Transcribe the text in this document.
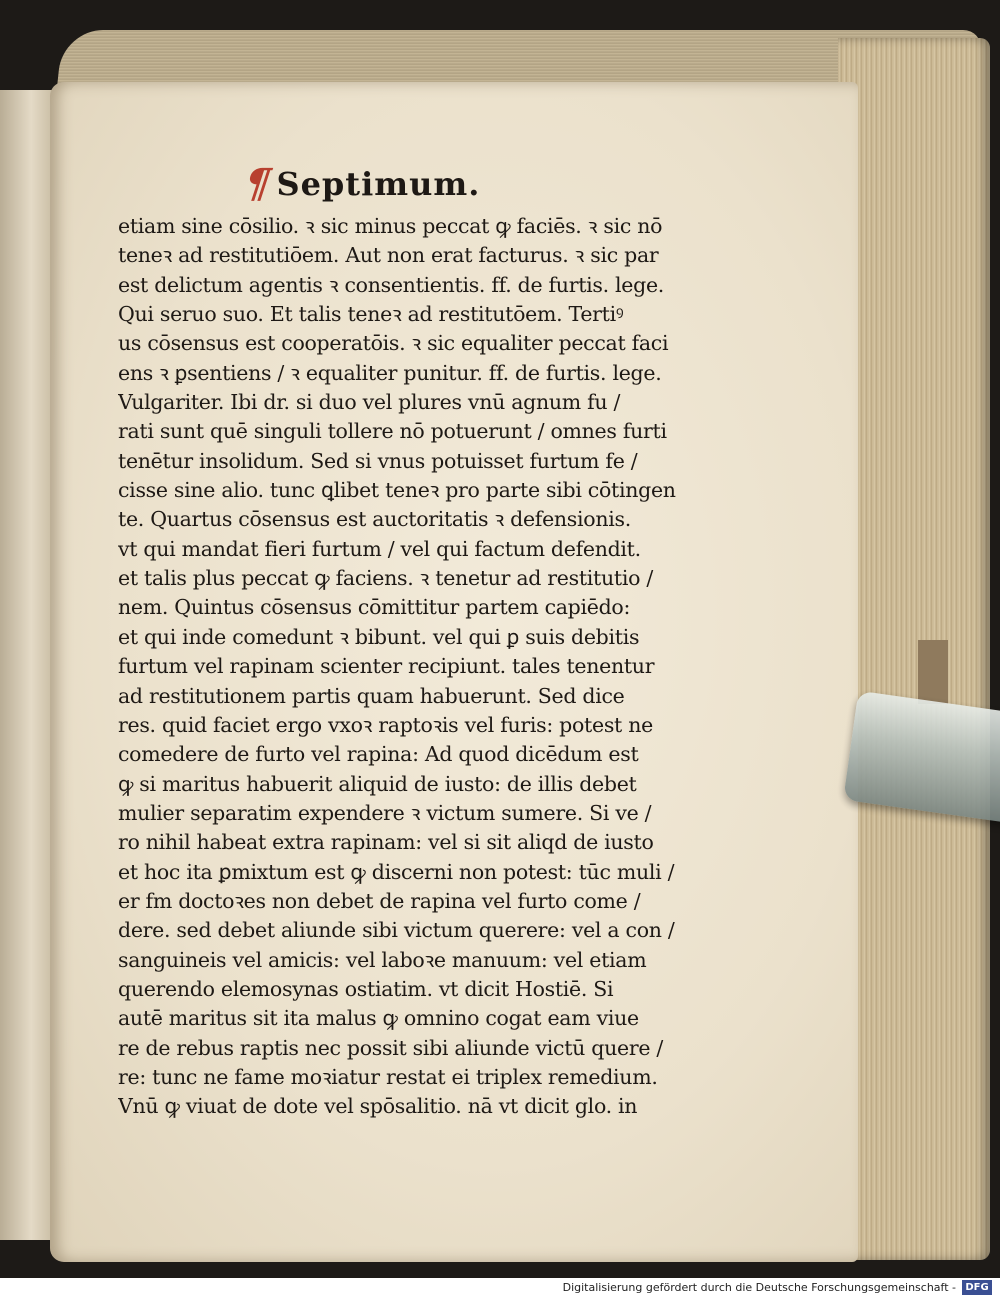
¶
Septimum.
etiam sine cōsilio. ꝛ sic minus peccat ꝙ faciēs. ꝛ sic nō
teneꝛ ad restitutiōem. Aut non erat facturus. ꝛ sic par
est delictum agentis ꝛ consentientis. ff. de furtis. lege.
Qui seruo suo. Et talis teneꝛ ad restitutōem. Tertiꝰ
us cōsensus est cooperatōis. ꝛ sic equaliter peccat faci
ens ꝛ ꝑsentiens / ꝛ equaliter punitur. ff. de furtis. lege.
Vulgariter. Ibi dr. si duo vel plures vnū agnum fu /
rati sunt quē singuli tollere nō potuerunt / omnes furti
tenētur insolidum. Sed si vnus potuisset furtum fe /
cisse sine alio. tunc ꝗlibet teneꝛ pro parte sibi cōtingen
te. Quartus cōsensus est auctoritatis ꝛ defensionis.
vt qui mandat fieri furtum / vel qui factum defendit.
et talis plus peccat ꝙ faciens. ꝛ tenetur ad restitutio /
nem. Quintus cōsensus cōmittitur partem capiēdo:
et qui inde comedunt ꝛ bibunt. vel qui ꝑ suis debitis
furtum vel rapinam scienter recipiunt. tales tenentur
ad restitutionem partis quam habuerunt. Sed dice
res. quid faciet ergo vxoꝛ raptoꝛis vel furis: potest ne
comedere de furto vel rapina: Ad quod dicēdum est
ꝙ si maritus habuerit aliquid de iusto: de illis debet
mulier separatim expendere ꝛ victum sumere. Si ve /
ro nihil habeat extra rapinam: vel si sit aliqd de iusto
et hoc ita ꝑmixtum est ꝙ discerni non potest: tūc muli /
er fm doctoꝛes non debet de rapina vel furto come /
dere. sed debet aliunde sibi victum querere: vel a con /
sanguineis vel amicis: vel laboꝛe manuum: vel etiam
querendo elemosynas ostiatim. vt dicit Hostiē. Si
autē maritus sit ita malus ꝙ omnino cogat eam viue
re de rebus raptis nec possit sibi aliunde victū quere /
re: tunc ne fame moꝛiatur restat ei triplex remedium.
Vnū ꝙ viuat de dote vel spōsalitio. nā vt dicit glo. in
Digitalisierung gefördert durch die Deutsche Forschungsgemeinschaft - DFG
